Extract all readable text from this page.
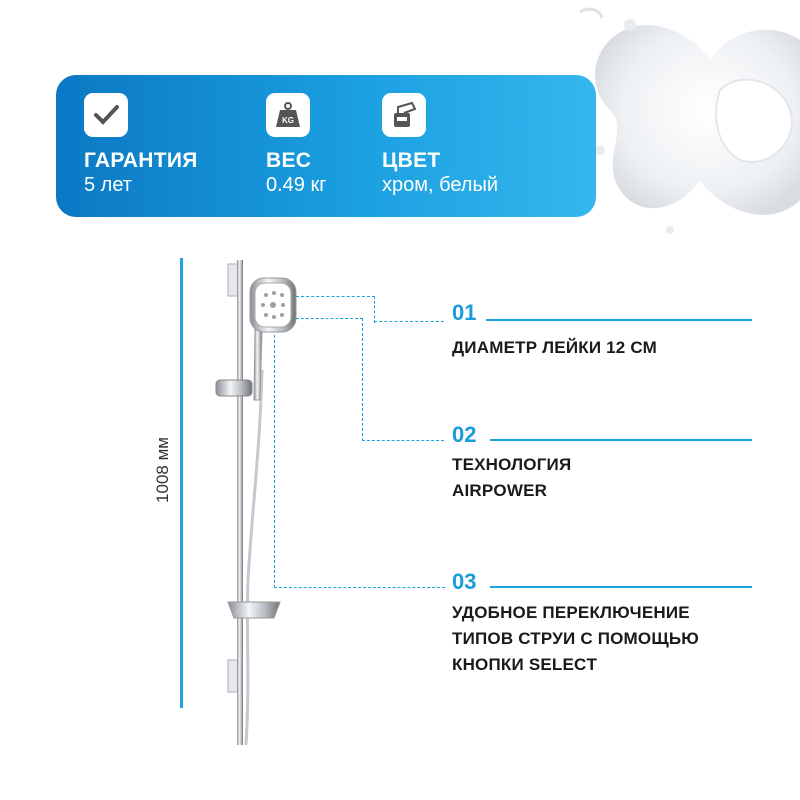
ГАРАНТИЯ
5 лет
KG
ВЕС
0.49 кг
ЦВЕТ
хром, белый
1008 мм
01
ДИАМЕТР ЛЕЙКИ 12 СМ
02
ТЕХНОЛОГИЯ
AIRPOWER
03
УДОБНОЕ ПЕРЕКЛЮЧЕНИЕ
ТИПОВ СТРУИ С ПОМОЩЬЮ
КНОПКИ SELECT
